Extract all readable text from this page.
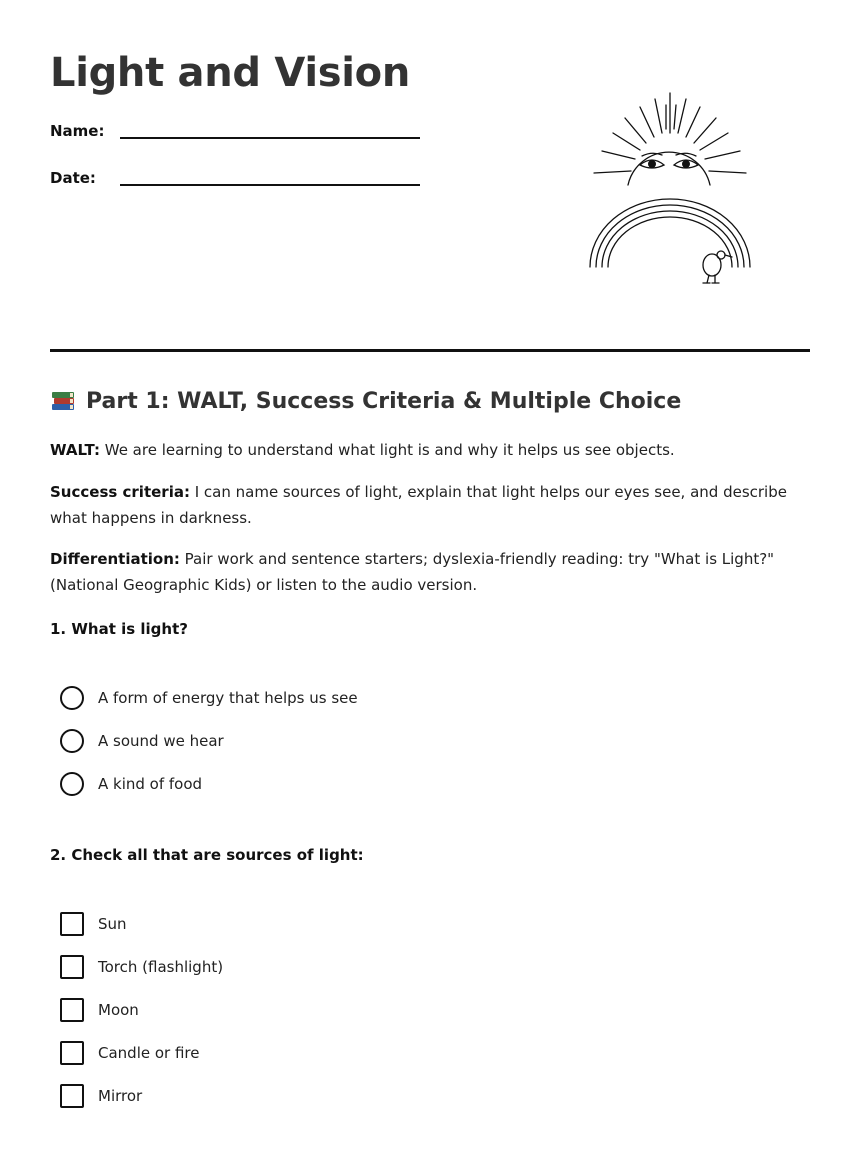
Light and Vision
Name:
Date:
Part 1: WALT, Success Criteria & Multiple Choice

WALT: We are learning to understand what light is and why it helps us see objects.

Success criteria: I can name sources of light, explain that light helps our eyes see, and describe what happens in darkness.

Differentiation: Pair work and sentence starters; dyslexia-friendly reading: try "What is Light?" (National Geographic Kids) or listen to the audio version.

1. What is light?

A form of energy that helps us see
A sound we hear
A kind of food

2. Check all that are sources of light:

Sun
Torch (flashlight)
Moon
Candle or fire
Mirror
